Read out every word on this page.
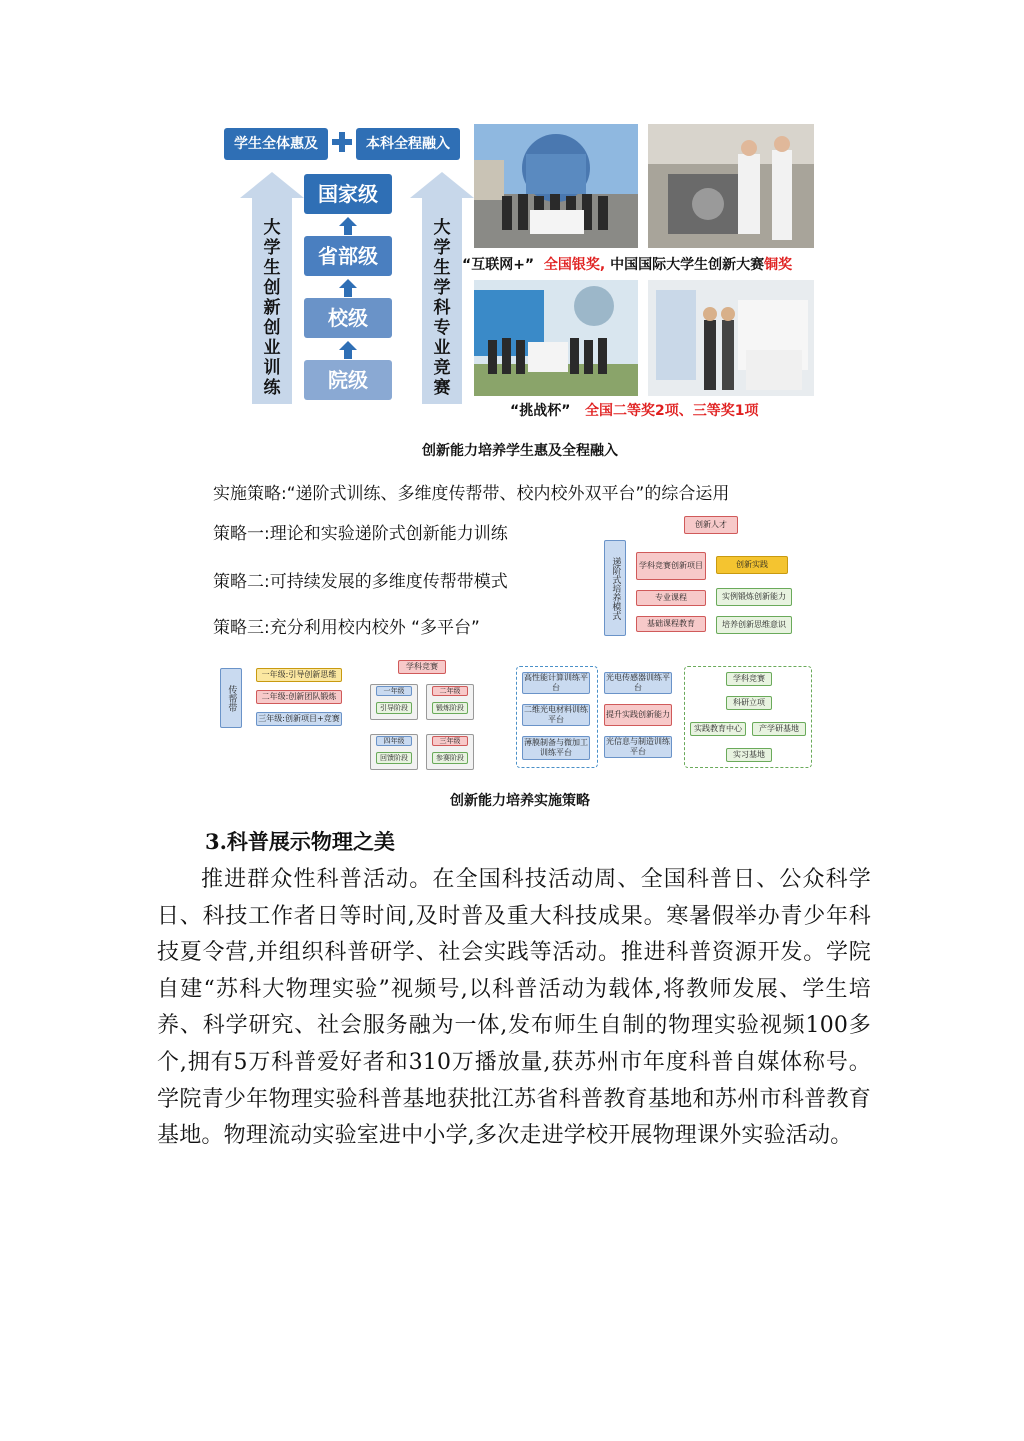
学生全体惠及	本科全程融入
大学生创新创业训练
大学生学科专业竞赛
国家级
省部级
校级
院级
“互联网+” 全国银奖, 中国国际大学生创新大赛铜奖
“挑战杯” 全国二等奖2项、三等奖1项
创新能力培养学生惠及全程融入
实施策略:“递阶式训练、多维度传帮带、校内校外双平台”的综合运用
策略一:理论和实验递阶式创新能力训练
策略二:可持续发展的多维度传帮带模式
策略三:充分利用校内校外 “多平台”
递阶式培养模式
创新人才
学科竞赛创新项目
专业课程
基础课程教育
创新实践
实例锻炼创新能力
培养创新思维意识
传帮带
一年级:引导创新思维
二年级:创新团队锻炼
三年级:创新项目+竞赛
学科竞赛
一年级
引导阶段
二年级
锻炼阶段
四年级
回馈阶段
三年级
参赛阶段
高性能计算训练平台
二维光电材料训练平台
薄膜制备与微加工训练平台
光电传感器训练平台
提升实践创新能力
光信息与制造训练平台
学科竞赛
科研立项
实践教育中心	产学研基地
实习基地
创新能力培养实施策略
3.科普展示物理之美
推进群众性科普活动。在全国科技活动周、全国科普日、公众科学日、科技工作者日等时间,及时普及重大科技成果。寒暑假举办青少年科技夏令营,并组织科普研学、社会实践等活动。推进科普资源开发。学院自建“苏科大物理实验”视频号,以科普活动为载体,将教师发展、学生培养、科学研究、社会服务融为一体,发布师生自制的物理实验视频100多个,拥有5万科普爱好者和310万播放量,获苏州市年度科普自媒体称号。学院青少年物理实验科普基地获批江苏省科普教育基地和苏州市科普教育基地。物理流动实验室进中小学,多次走进学校开展物理课外实验活动。
